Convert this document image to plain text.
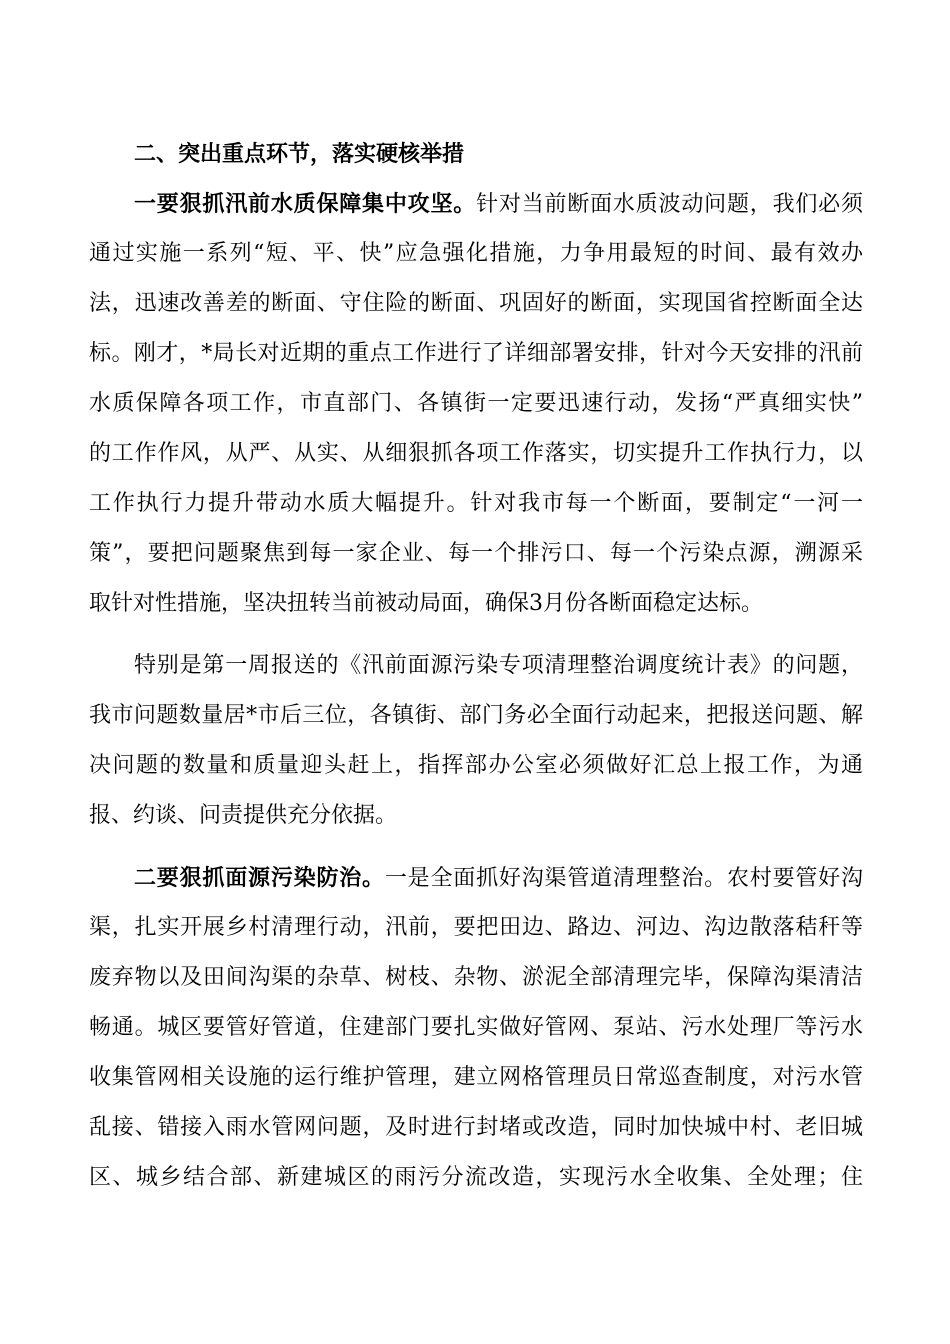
二、突出重点环节，落实硬核举措
一要狠抓汛前水质保障集中攻坚。针对当前断面水质波动问题，我们必须
通过实施一系列“短、平、快”应急强化措施，力争用最短的时间、最有效办
法，迅速改善差的断面、守住险的断面、巩固好的断面，实现国省控断面全达
标。刚才，*局长对近期的重点工作进行了详细部署安排，针对今天安排的汛前
水质保障各项工作，市直部门、各镇街一定要迅速行动，发扬“严真细实快”
的工作作风，从严、从实、从细狠抓各项工作落实，切实提升工作执行力，以
工作执行力提升带动水质大幅提升。针对我市每一个断面，要制定“一河一
策”，要把问题聚焦到每一家企业、每一个排污口、每一个污染点源，溯源采
取针对性措施，坚决扭转当前被动局面，确保3月份各断面稳定达标。
特别是第一周报送的《汛前面源污染专项清理整治调度统计表》的问题，
我市问题数量居*市后三位，各镇街、部门务必全面行动起来，把报送问题、解
决问题的数量和质量迎头赶上，指挥部办公室必须做好汇总上报工作，为通
报、约谈、问责提供充分依据。
二要狠抓面源污染防治。一是全面抓好沟渠管道清理整治。农村要管好沟
渠，扎实开展乡村清理行动，汛前，要把田边、路边、河边、沟边散落秸秆等
废弃物以及田间沟渠的杂草、树枝、杂物、淤泥全部清理完毕，保障沟渠清洁
畅通。城区要管好管道，住建部门要扎实做好管网、泵站、污水处理厂等污水
收集管网相关设施的运行维护管理，建立网格管理员日常巡查制度，对污水管
乱接、错接入雨水管网问题，及时进行封堵或改造，同时加快城中村、老旧城
区、城乡结合部、新建城区的雨污分流改造，实现污水全收集、全处理；住
